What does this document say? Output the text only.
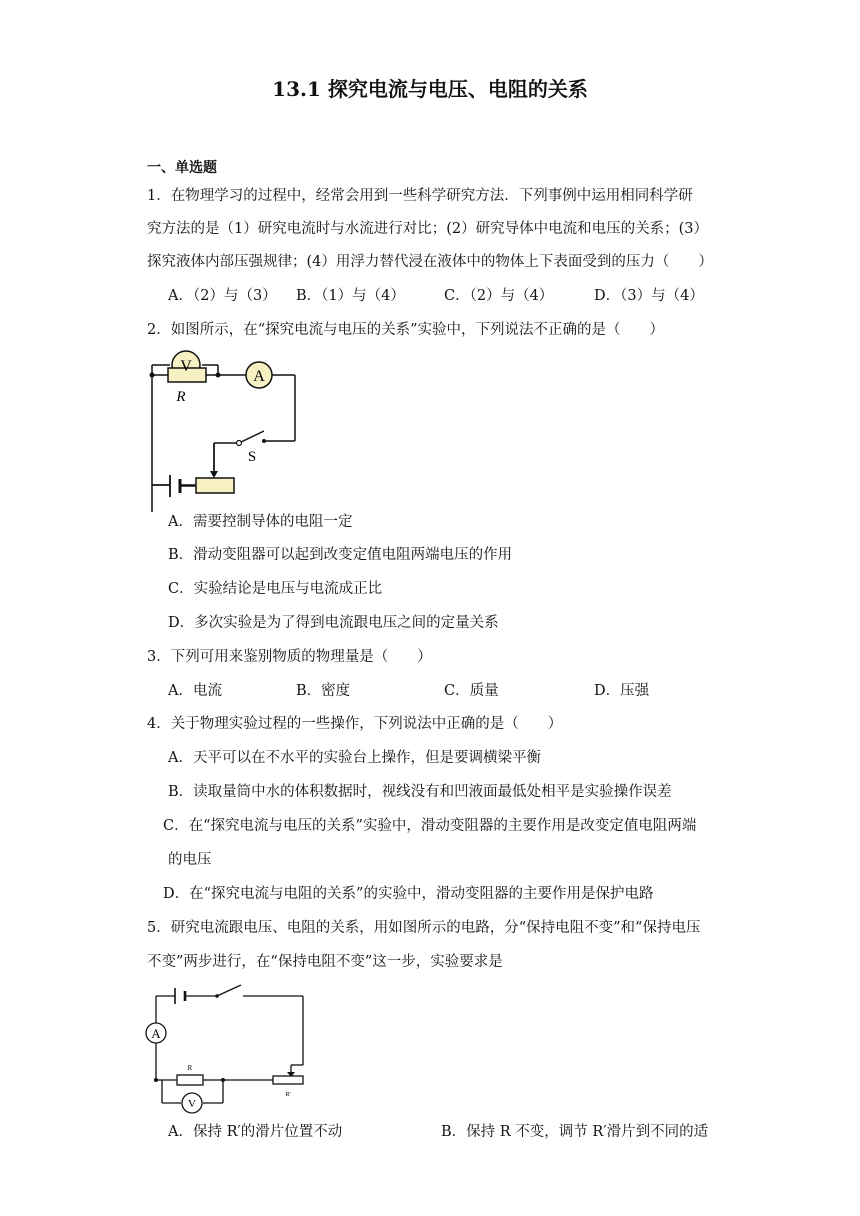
13.1 探究电流与电压、电阻的关系
一、单选题
1．在物理学习的过程中，经常会用到一些科学研究方法．下列事例中运用相同科学研
究方法的是（1）研究电流时与水流进行对比；(2）研究导体中电流和电压的关系；(3）
探究液体内部压强规律；(4）用浮力替代浸在液体中的物体上下表面受到的压力（　　）
A．（2）与（3） B．（1）与（4）	C．（2）与（4）	D．（3）与（4）
2．如图所示，在“探究电流与电压的关系”实验中，下列说法不正确的是（　　）
V
A
R
S
A．需要控制导体的电阻一定
B．滑动变阻器可以起到改变定值电阻两端电压的作用
C．实验结论是电压与电流成正比
D．多次实验是为了得到电流跟电压之间的定量关系
3．下列可用来鉴别物质的物理量是（　　）
A．电流	B．密度	C．质量	D．压强
4．关于物理实验过程的一些操作，下列说法中正确的是（　　）
A．天平可以在不水平的实验台上操作，但是要调横梁平衡
B．读取量筒中水的体积数据时，视线没有和凹液面最低处相平是实验操作误差
C．在“探究电流与电压的关系”实验中，滑动变阻器的主要作用是改变定值电阻两端
的电压
D．在“探究电流与电阻的关系”的实验中，滑动变阻器的主要作用是保护电路
5．研究电流跟电压、电阻的关系，用如图所示的电路，分“保持电阻不变”和“保持电压
不变”两步进行，在“保持电阻不变”这一步，实验要求是
A
R
R'
V
A．保持 R′的滑片位置不动	B．保持 R 不变，调节 R′滑片到不同的适
